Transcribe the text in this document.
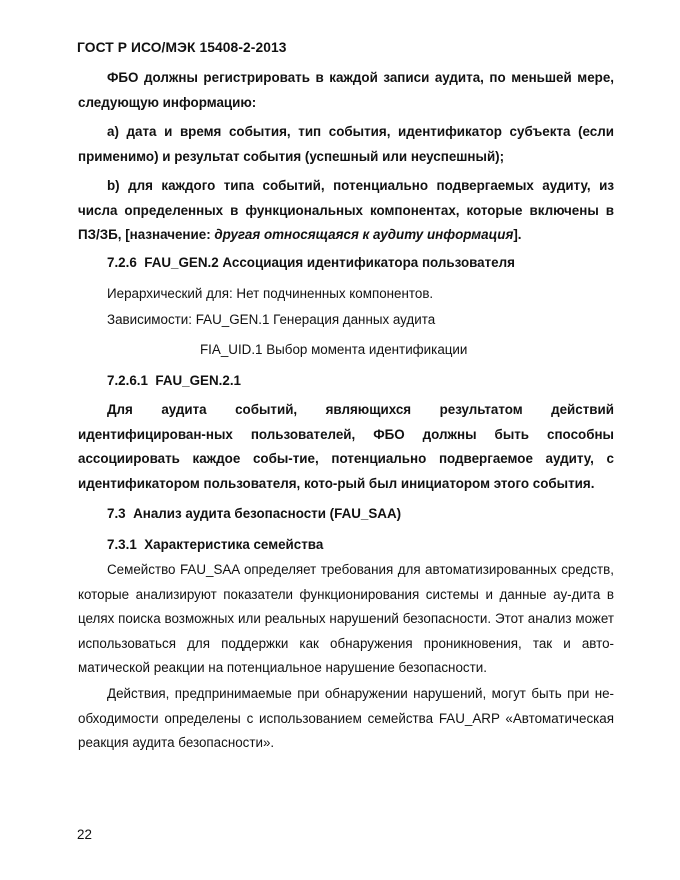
ГОСТ Р ИСО/МЭК 15408-2-2013

ФБО должны регистрировать в каждой записи аудита, по меньшей мере, следующую информацию:

a) дата и время события, тип события, идентификатор субъекта (если применимо) и результат события (успешный или неуспешный);

b) для каждого типа событий, потенциально подвергаемых аудиту, из числа определенных в функциональных компонентах, которые включены в ПЗ/ЗБ, [назначение: другая относящаяся к аудиту информация].

7.2.6 FAU_GEN.2 Ассоциация идентификатора пользователя
Иерархический для: Нет подчиненных компонентов.
Зависимости: FAU_GEN.1 Генерация данных аудита
FIA_UID.1 Выбор момента идентификации
7.2.6.1 FAU_GEN.2.1

Для аудита событий, являющихся результатом действий идентифицирован-ных пользователей, ФБО должны быть способны ассоциировать каждое собы-тие, потенциально подвергаемое аудиту, с идентификатором пользователя, кото-рый был инициатором этого события.

7.3 Анализ аудита безопасности (FAU_SAA)
7.3.1 Характеристика семейства

Семейство FAU_SAA определяет требования для автоматизированных средств, которые анализируют показатели функционирования системы и данные ау-дита в целях поиска возможных или реальных нарушений безопасности. Этот анализ может использоваться для поддержки как обнаружения проникновения, так и авто-матической реакции на потенциальное нарушение безопасности.

Действия, предпринимаемые при обнаружении нарушений, могут быть при не-обходимости определены с использованием семейства FAU_ARP «Автоматическая реакция аудита безопасности».

22
